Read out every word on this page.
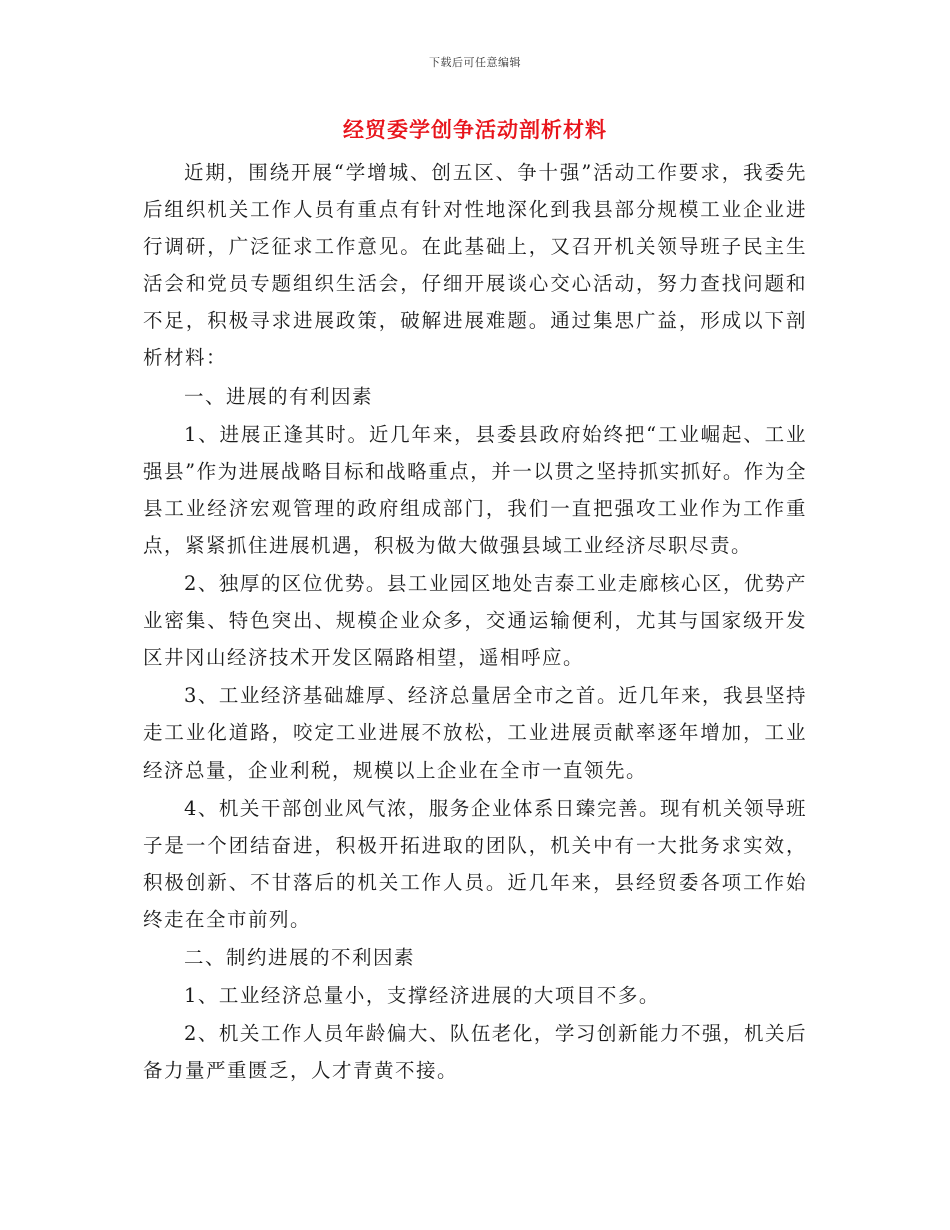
下载后可任意编辑
经贸委学创争活动剖析材料

近期，围绕开展“学增城、创五区、争十强”活动工作要求，我委先后组织机关工作人员有重点有针对性地深化到我县部分规模工业企业进行调研，广泛征求工作意见。在此基础上，又召开机关领导班子民主生活会和党员专题组织生活会，仔细开展谈心交心活动，努力查找问题和不足，积极寻求进展政策，破解进展难题。通过集思广益，形成以下剖析材料：

一、进展的有利因素

1、进展正逢其时。近几年来，县委县政府始终把“工业崛起、工业强县”作为进展战略目标和战略重点，并一以贯之坚持抓实抓好。作为全县工业经济宏观管理的政府组成部门，我们一直把强攻工业作为工作重点，紧紧抓住进展机遇，积极为做大做强县域工业经济尽职尽责。

2、独厚的区位优势。县工业园区地处吉泰工业走廊核心区，优势产业密集、特色突出、规模企业众多，交通运输便利，尤其与国家级开发区井冈山经济技术开发区隔路相望，遥相呼应。

3、工业经济基础雄厚、经济总量居全市之首。近几年来，我县坚持走工业化道路，咬定工业进展不放松，工业进展贡献率逐年增加，工业经济总量，企业利税，规模以上企业在全市一直领先。

4、机关干部创业风气浓，服务企业体系日臻完善。现有机关领导班子是一个团结奋进，积极开拓进取的团队，机关中有一大批务求实效，积极创新、不甘落后的机关工作人员。近几年来，县经贸委各项工作始终走在全市前列。

二、制约进展的不利因素

1、工业经济总量小，支撑经济进展的大项目不多。

2、机关工作人员年龄偏大、队伍老化，学习创新能力不强，机关后备力量严重匮乏，人才青黄不接。
